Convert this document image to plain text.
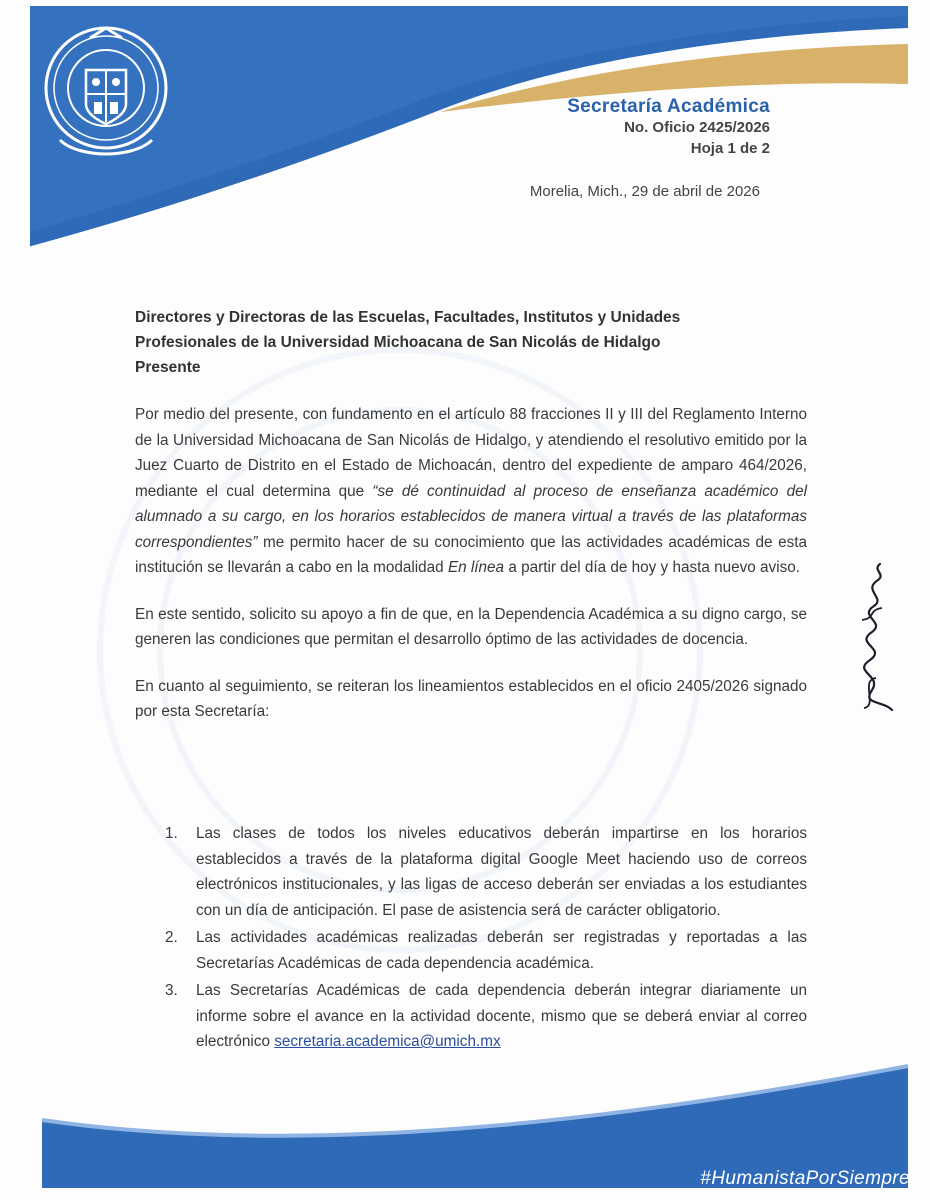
Secretaría Académica
No. Oficio 2425/2026
Hoja 1 de 2
Morelia, Mich., 29 de abril de 2026
Directores y Directoras de las Escuelas, Facultades, Institutos y Unidades
Profesionales de la Universidad Michoacana de San Nicolás de Hidalgo
Presente

Por medio del presente, con fundamento en el artículo 88 fracciones II y III del Reglamento Interno de la Universidad Michoacana de San Nicolás de Hidalgo, y atendiendo el resolutivo emitido por la Juez Cuarto de Distrito en el Estado de Michoacán, dentro del expediente de amparo 464/2026, mediante el cual determina que “se dé continuidad al proceso de enseñanza académico del alumnado a su cargo, en los horarios establecidos de manera virtual a través de las plataformas correspondientes” me permito hacer de su conocimiento que las actividades académicas de esta institución se llevarán a cabo en la modalidad En línea a partir del día de hoy y hasta nuevo aviso.

En este sentido, solicito su apoyo a fin de que, en la Dependencia Académica a su digno cargo, se generen las condiciones que permitan el desarrollo óptimo de las actividades de docencia.

En cuanto al seguimiento, se reiteran los lineamientos establecidos en el oficio 2405/2026 signado por esta Secretaría:

1. Las clases de todos los niveles educativos deberán impartirse en los horarios establecidos a través de la plataforma digital Google Meet haciendo uso de correos electrónicos institucionales, y las ligas de acceso deberán ser enviadas a los estudiantes con un día de anticipación. El pase de asistencia será de carácter obligatorio.
2. Las actividades académicas realizadas deberán ser registradas y reportadas a las Secretarías Académicas de cada dependencia académica.
3. Las Secretarías Académicas de cada dependencia deberán integrar diariamente un informe sobre el avance en la actividad docente, mismo que se deberá enviar al correo electrónico secretaria.academica@umich.mx
#HumanistaPorSiempre
